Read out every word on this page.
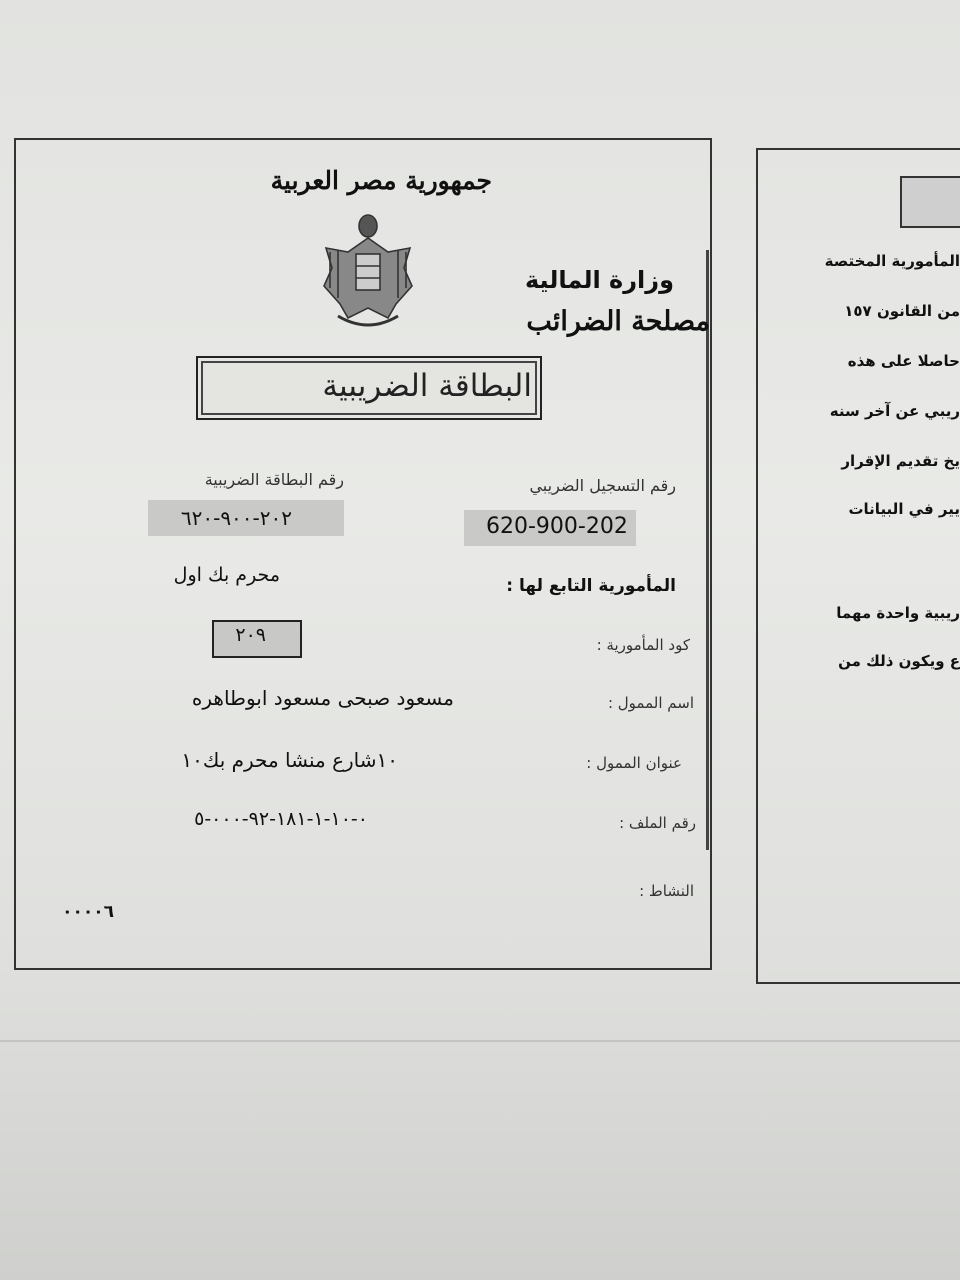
جمهورية مصر العربية
وزارة المالية
مصلحة الضرائب
البطاقة الضريبية
رقم التسجيل الضريبي
620-900-202
رقم البطاقة الضريبية
٢٠٢-٩٠٠-٦٢٠
المأمورية التابع لها :
محرم بك اول
كود المأمورية :
٢٠٩
اسم الممول :
مسعود صبحى مسعود ابوطاهره
عنوان الممول :
١٠شارع منشا محرم بك١٠
رقم الملف :
٠-١٠-١-١٨١-٩٢-٠٠٠-٥
النشاط :
٠٠٠٠٦
المأمورية المختصة
من القانون ١٥٧
حاصلا على هذه
ريبي عن آخر سنه
يخ تقديم الإقرار
يير في البيانات
ريبية واحدة مهما
ع ويكون ذلك من
